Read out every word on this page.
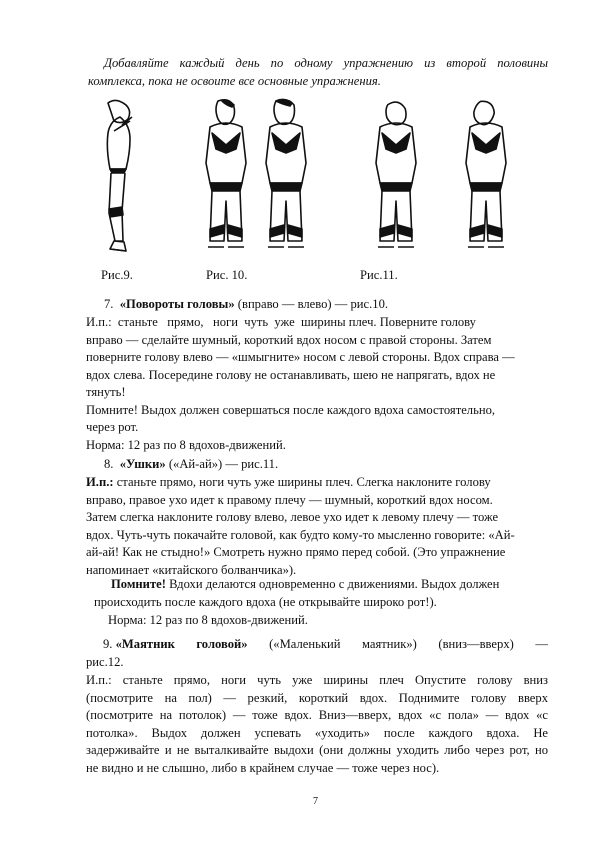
Добавляйте каждый день по одному упражнению из второй половины
комплекса, пока не освоите все основные упражнения.
Рис.9.	Рис. 10.	Рис.11.
7. «Повороты головы» (вправо — влево) — рис.10.
И.п.:  станьте   прямо,   ноги  чуть  уже  ширины плеч. Поверните голову
вправо — сделайте шумный, короткий вдох носом с правой стороны. Затем
поверните голову влево — «шмыгните» носом с левой стороны. Вдох справа —
вдох слева. Посередине голову не останавливать, шею не напрягать, вдох не
тянуть!
Помните! Выдох должен совершаться после каждого вдоха самостоятельно,
через рот.
Норма: 12 раз по 8 вдохов-движений.
8. «Ушки» («Ай-ай») — рис.11.
И.п.: станьте прямо, ноги чуть уже ширины плеч. Слегка наклоните голову
вправо, правое ухо идет к правому плечу — шумный, короткий вдох носом.
Затем слегка наклоните голову влево, левое ухо идет к левому плечу — тоже
вдох. Чуть-чуть покачайте головой, как будто кому-то мысленно говорите: «Ай-
ай-ай! Как не стыдно!» Смотреть нужно прямо перед собой. (Это упражнение
напоминает «китайского болванчика»).
Помните! Вдохи делаются одновременно с движениями. Выдох должен
происходить после каждого вдоха (не открывайте широко рот!).
Норма: 12 раз по 8 вдохов-движений.
9. «Маятник головой» («Маленький маятник») (вниз—вверх) —
рис.12.
И.п.: станьте прямо, ноги чуть уже ширины плеч Опустите голову вниз
(посмотрите на пол) — резкий, короткий вдох. Поднимите голову вверх
(посмотрите на потолок) — тоже вдох. Вниз—вверх, вдох «с пола» — вдох «с
потолка». Выдох должен успевать «уходить» после каждого вдоха. Не
задерживайте и не выталкивайте выдохи (они должны уходить либо через рот, но
не видно и не слышно, либо в крайнем случае — тоже через нос).
7
